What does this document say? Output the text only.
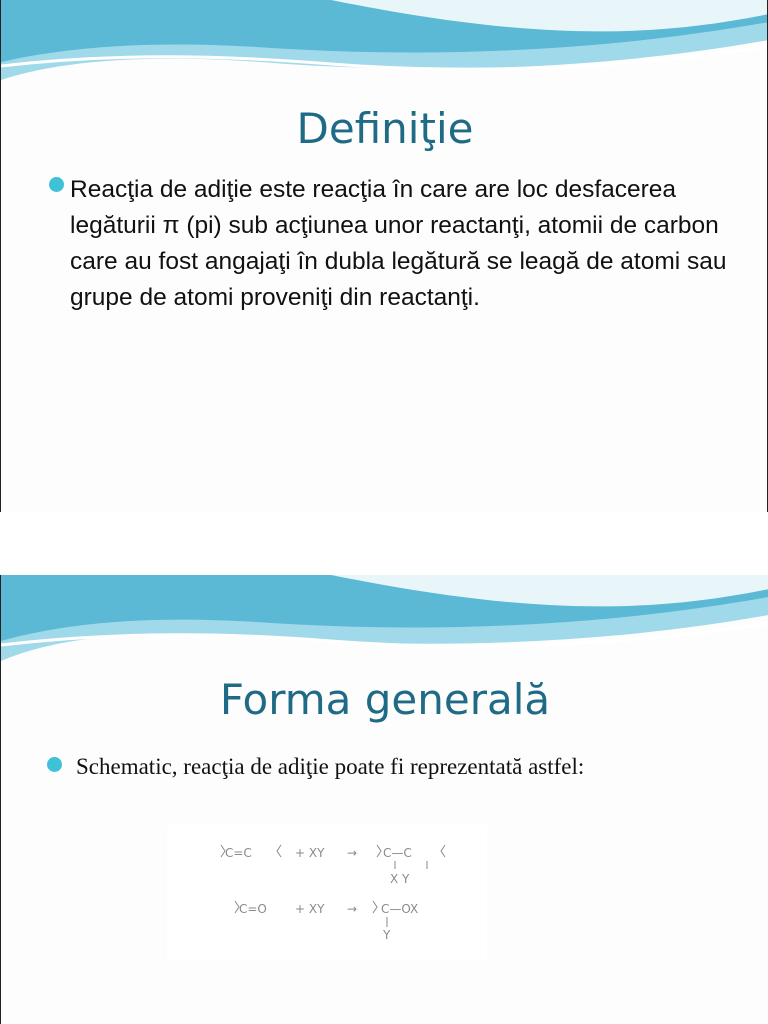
Definiţie
Reacţia de adiţie este reacţia în care are loc desfacerea legăturii π (pi) sub acţiunea unor reactanţi, atomii de carbon care au fost angajaţi în dubla legătură se leagă de atomi sau grupe de atomi proveniţi din reactanţi.
Forma generală
Schematic, reacţia de adiţie poate fi reprezentată astfel:
C=C	+ XY → C—C
X Y
C=O + XY → C—OX
Y
